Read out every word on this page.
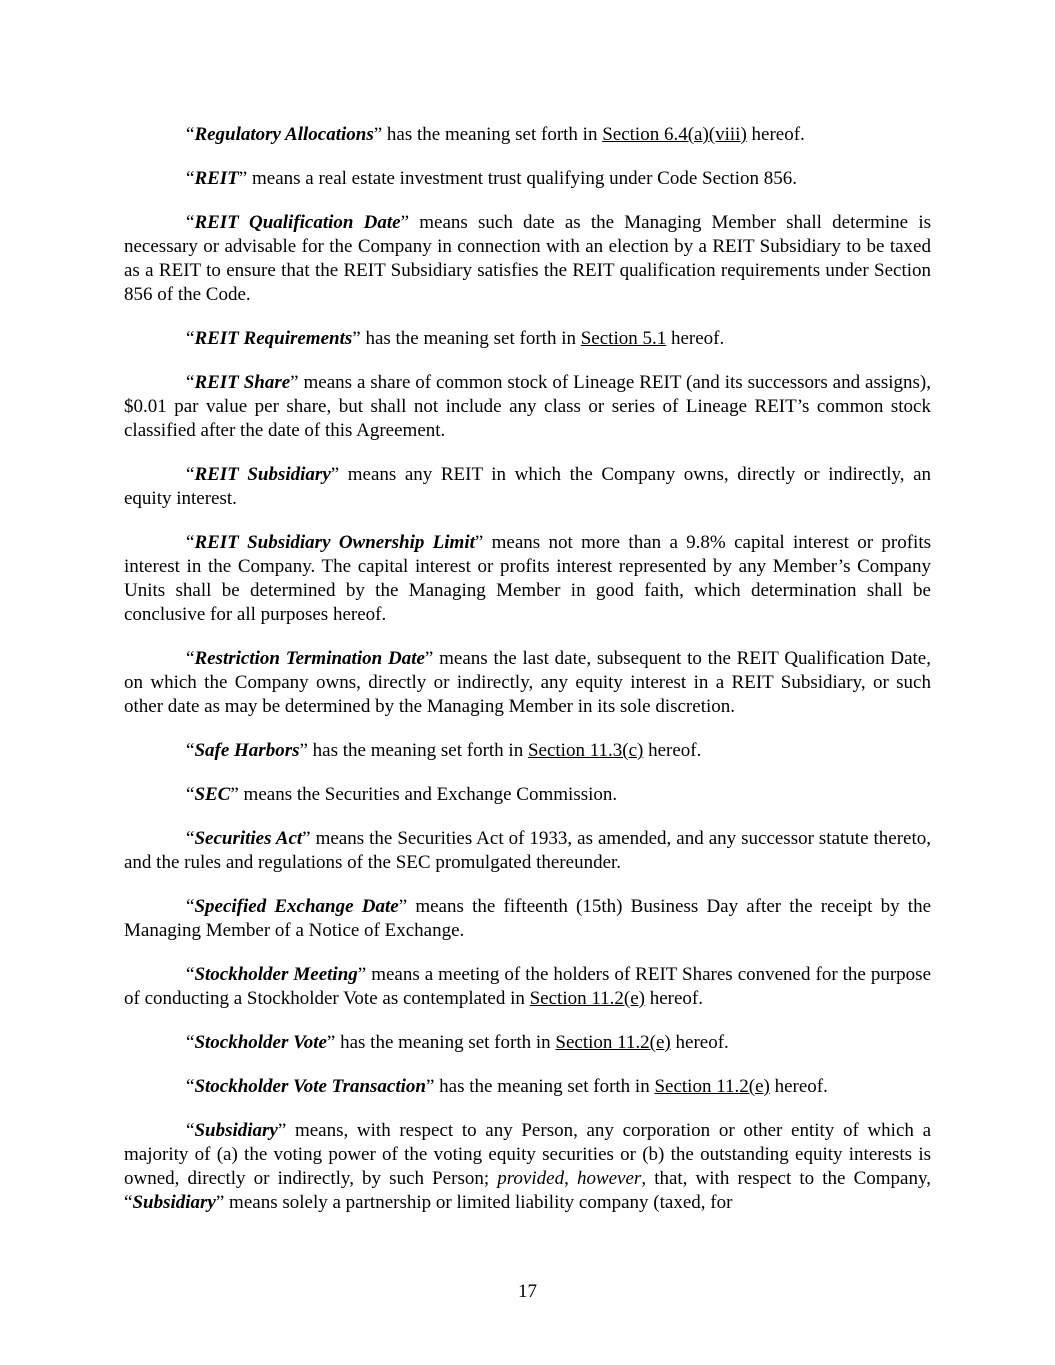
“Regulatory Allocations” has the meaning set forth in Section 6.4(a)(viii) hereof.

“REIT” means a real estate investment trust qualifying under Code Section 856.

“REIT Qualification Date” means such date as the Managing Member shall determine is necessary or advisable for the Company in connection with an election by a REIT Subsidiary to be taxed as a REIT to ensure that the REIT Subsidiary satisfies the REIT qualification requirements under Section 856 of the Code.

“REIT Requirements” has the meaning set forth in Section 5.1 hereof.

“REIT Share” means a share of common stock of Lineage REIT (and its successors and assigns), $0.01 par value per share, but shall not include any class or series of Lineage REIT’s common stock classified after the date of this Agreement.

“REIT Subsidiary” means any REIT in which the Company owns, directly or indirectly, an equity interest.

“REIT Subsidiary Ownership Limit” means not more than a 9.8% capital interest or profits interest in the Company. The capital interest or profits interest represented by any Member’s Company Units shall be determined by the Managing Member in good faith, which determination shall be conclusive for all purposes hereof.

“Restriction Termination Date” means the last date, subsequent to the REIT Qualification Date, on which the Company owns, directly or indirectly, any equity interest in a REIT Subsidiary, or such other date as may be determined by the Managing Member in its sole discretion.

“Safe Harbors” has the meaning set forth in Section 11.3(c) hereof.

“SEC” means the Securities and Exchange Commission.

“Securities Act” means the Securities Act of 1933, as amended, and any successor statute thereto, and the rules and regulations of the SEC promulgated thereunder.

“Specified Exchange Date” means the fifteenth (15th) Business Day after the receipt by the Managing Member of a Notice of Exchange.

“Stockholder Meeting” means a meeting of the holders of REIT Shares convened for the purpose of conducting a Stockholder Vote as contemplated in Section 11.2(e) hereof.

“Stockholder Vote” has the meaning set forth in Section 11.2(e) hereof.

“Stockholder Vote Transaction” has the meaning set forth in Section 11.2(e) hereof.

“Subsidiary” means, with respect to any Person, any corporation or other entity of which a majority of (a) the voting power of the voting equity securities or (b) the outstanding equity interests is owned, directly or indirectly, by such Person; provided, however, that, with respect to the Company, “Subsidiary” means solely a partnership or limited liability company (taxed, for

17
